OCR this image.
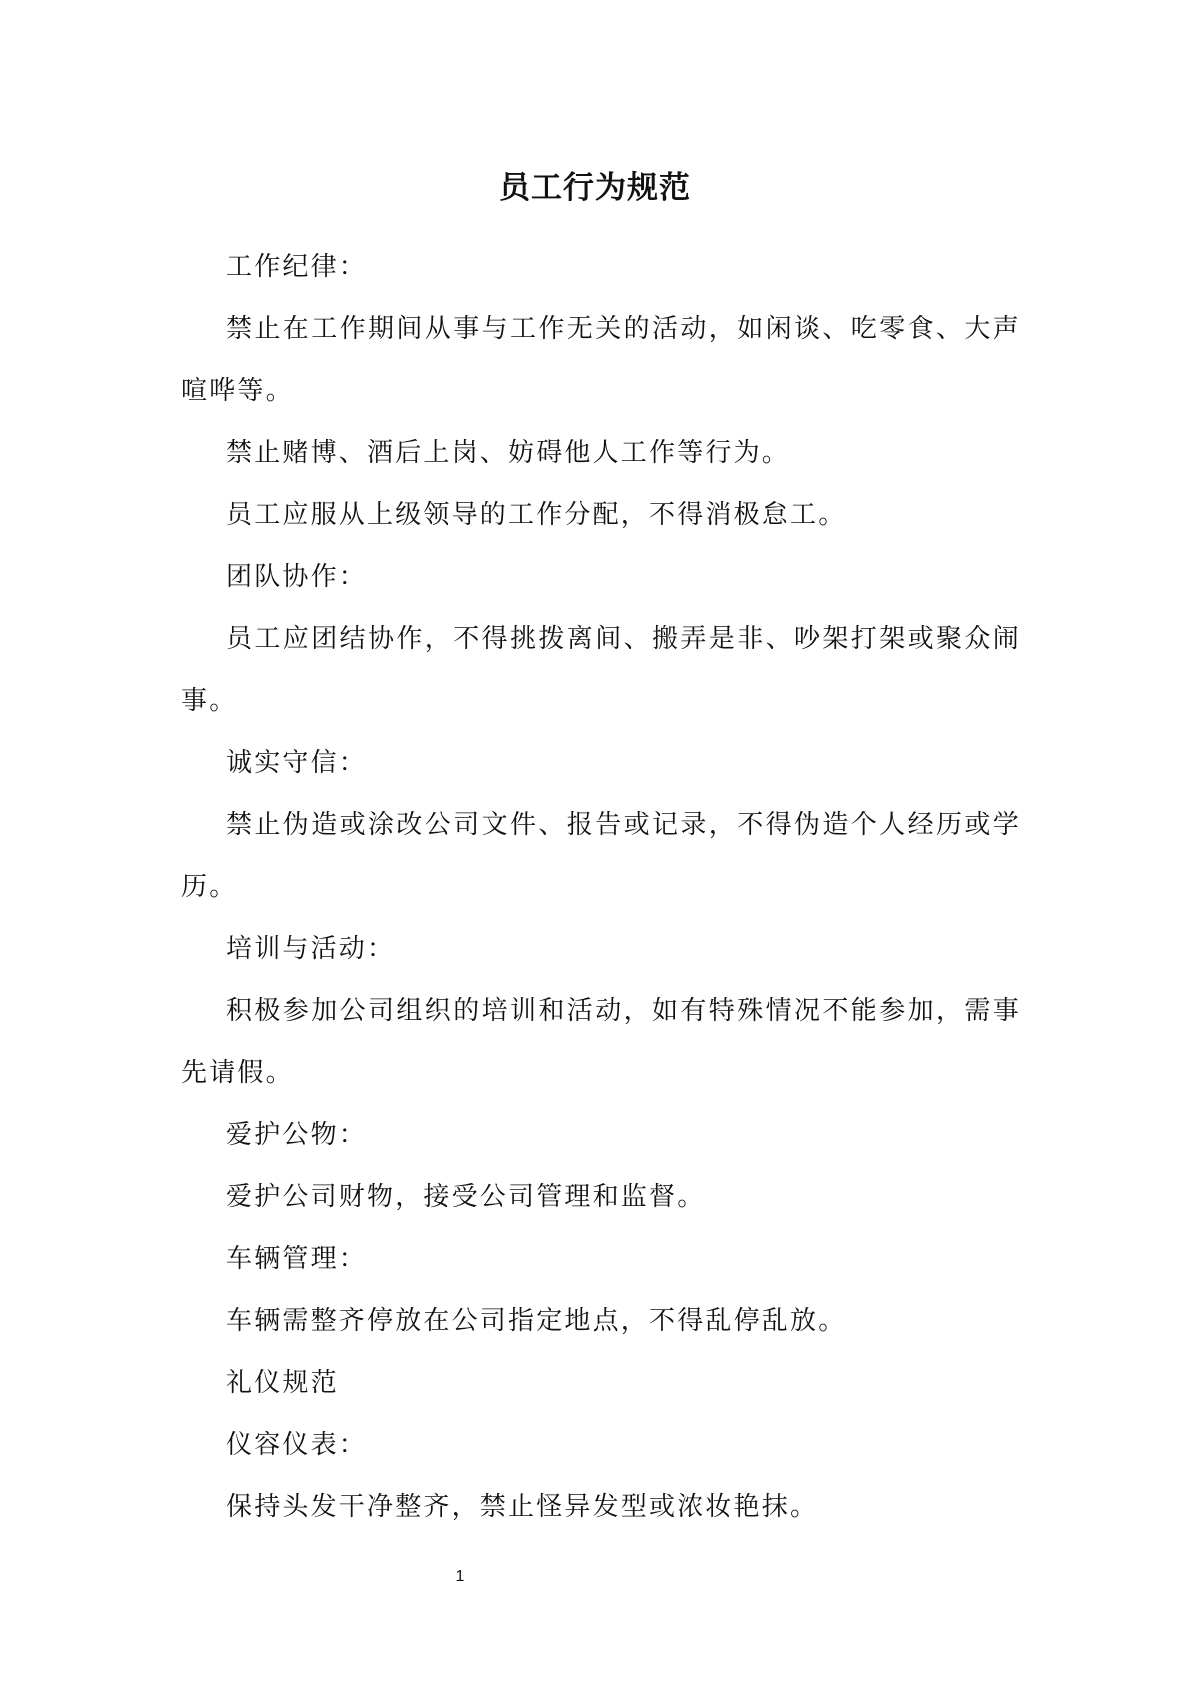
员工行为规范

工作纪律：

禁止在工作期间从事与工作无关的活动，如闲谈、吃零食、大声喧哗等。

禁止赌博、酒后上岗、妨碍他人工作等行为。

员工应服从上级领导的工作分配，不得消极怠工。

团队协作：

员工应团结协作，不得挑拨离间、搬弄是非、吵架打架或聚众闹事。

诚实守信：

禁止伪造或涂改公司文件、报告或记录，不得伪造个人经历或学历。

培训与活动：

积极参加公司组织的培训和活动，如有特殊情况不能参加，需事先请假。

爱护公物：

爱护公司财物，接受公司管理和监督。

车辆管理：

车辆需整齐停放在公司指定地点，不得乱停乱放。

礼仪规范

仪容仪表：

保持头发干净整齐，禁止怪异发型或浓妆艳抹。

1
